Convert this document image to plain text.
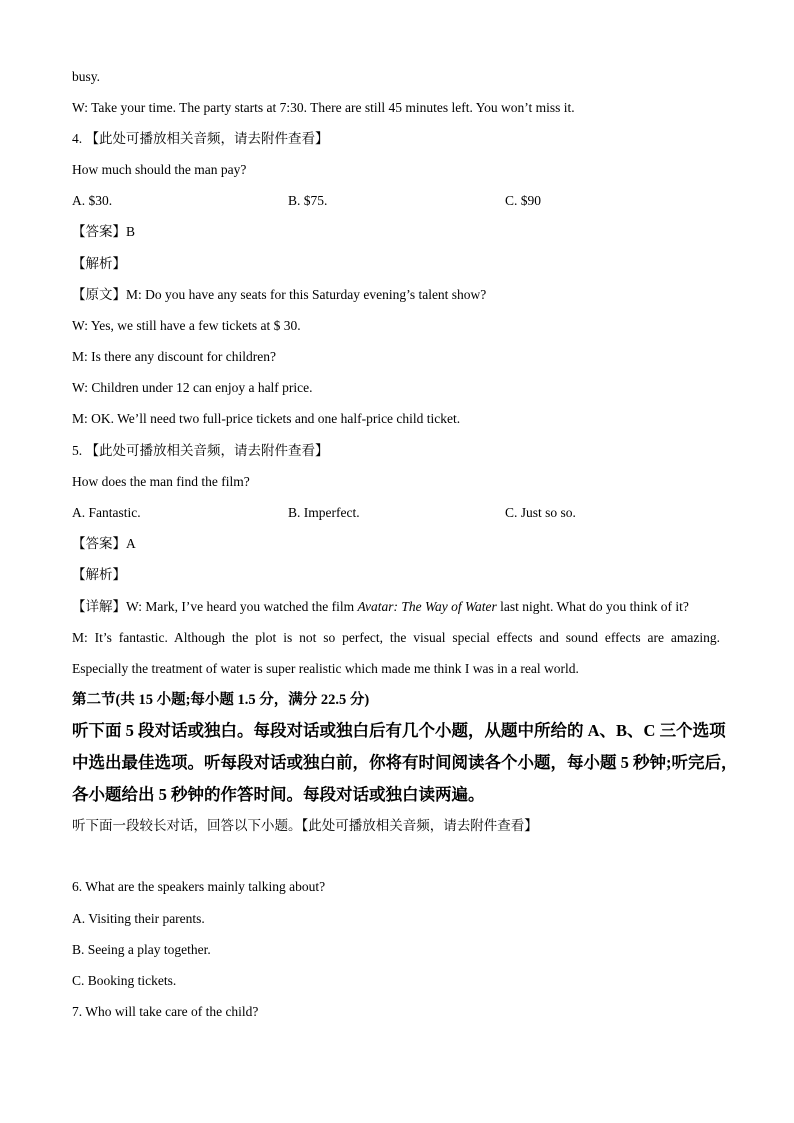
busy.
W: Take your time. The party starts at 7:30. There are still 45 minutes left. You won’t miss it.
4. 【此处可播放相关音频，请去附件查看】
How much should the man pay?
A. $30.	B. $75.	C. $90
【答案】B
【解析】
【原文】M: Do you have any seats for this Saturday evening’s talent show?
W: Yes, we still have a few tickets at $ 30.
M: Is there any discount for children?
W: Children under 12 can enjoy a half price.
M: OK. We’ll need two full-price tickets and one half-price child ticket.
5. 【此处可播放相关音频，请去附件查看】
How does the man find the film?
A. Fantastic.	B. Imperfect.	C. Just so so.
【答案】A
【解析】
【详解】W: Mark, I’ve heard you watched the film Avatar: The Way of Water last night. What do you think of it?
M: It’s fantastic. Although the plot is not so perfect, the visual special effects and sound effects are amazing.
Especially the treatment of water is super realistic which made me think I was in a real world.
第二节(共 15 小题;每小题 1.5 分，满分 22.5 分)
听下面 5 段对话或独白。每段对话或独白后有几个小题，从题中所给的 A、B、C 三个选项
中选出最佳选项。听每段对话或独白前，你将有时间阅读各个小题，每小题 5 秒钟;听完后，
各小题给出 5 秒钟的作答时间。每段对话或独白读两遍。
听下面一段较长对话，回答以下小题。【此处可播放相关音频，请去附件查看】
6. What are the speakers mainly talking about?
A. Visiting their parents.
B. Seeing a play together.
C. Booking tickets.
7. Who will take care of the child?
